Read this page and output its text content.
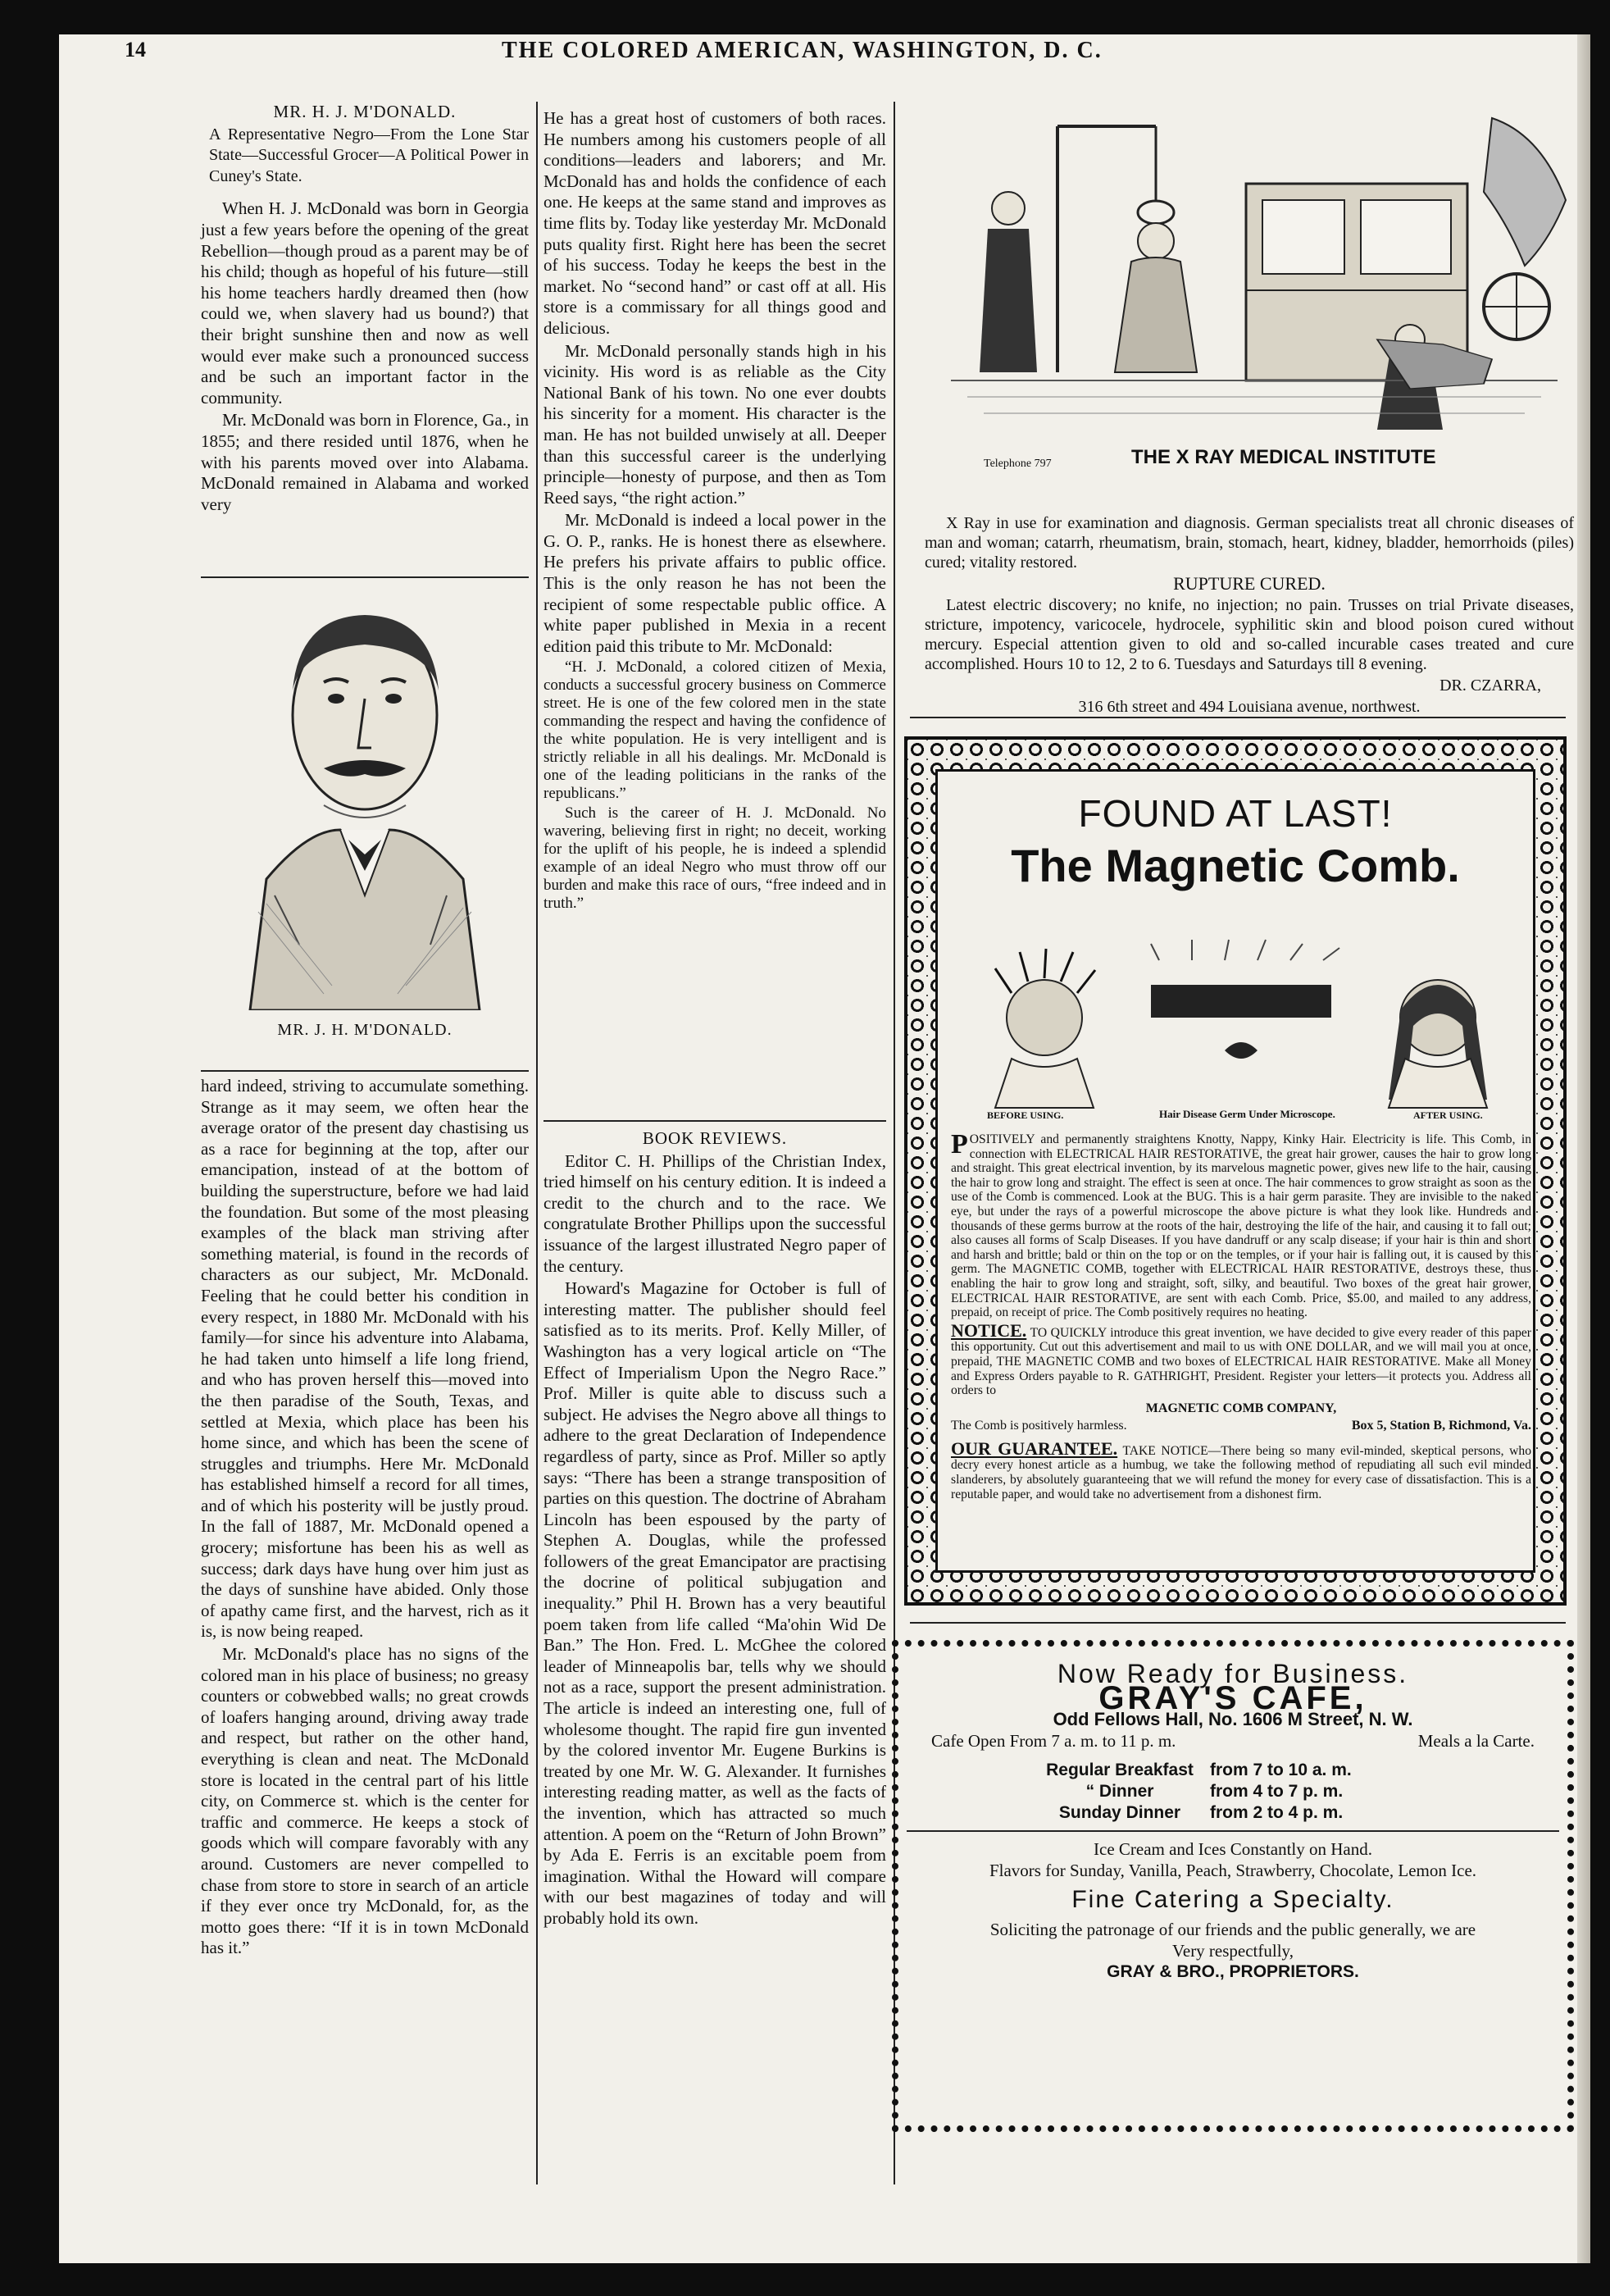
14	THE COLORED AMERICAN, WASHINGTON, D. C.

MR. H. J. M'DONALD.

A Representative Negro—From the Lone Star State—Successful Grocer—A Political Power in Cuney's State.

When H. J. McDonald was born in Georgia just a few years before the opening of the great Rebellion—though proud as a parent may be of his child; though as hopeful of his future—still his home teachers hardly dreamed then (how could we, when slavery had us bound?) that their bright sunshine then and now as well would ever make such a pronounced success and be such an important factor in the community.

Mr. McDonald was born in Florence, Ga., in 1855; and there resided until 1876, when he with his parents moved over into Alabama. McDonald remained in Alabama and worked very

MR. J. H. M'DONALD.

hard indeed, striving to accumulate something. Strange as it may seem, we often hear the average orator of the present day chastising us as a race for beginning at the top, after our emancipation, instead of at the bottom of building the superstructure, before we had laid the foundation. But some of the most pleasing examples of the black man striving after something material, is found in the records of characters as our subject, Mr. McDonald. Feeling that he could better his condition in every respect, in 1880 Mr. McDonald with his family—for since his adventure into Alabama, he had taken unto himself a life long friend, and who has proven herself this—moved into the then paradise of the South, Texas, and settled at Mexia, which place has been his home since, and which has been the scene of struggles and triumphs. Here Mr. McDonald has established himself a record for all times, and of which his posterity will be justly proud. In the fall of 1887, Mr. McDonald opened a grocery; misfortune has been his as well as success; dark days have hung over him just as the days of sunshine have abided. Only those of apathy came first, and the harvest, rich as it is, is now being reaped.

Mr. McDonald's place has no signs of the colored man in his place of business; no greasy counters or cobwebbed walls; no great crowds of loafers hanging around, driving away trade and respect, but rather on the other hand, everything is clean and neat. The McDonald store is located in the central part of his little city, on Commerce st. which is the center for traffic and commerce. He keeps a stock of goods which will compare favorably with any around. Customers are never compelled to chase from store to store in search of an article if they ever once try McDonald, for, as the motto goes there: “If it is in town McDonald has it.”

He has a great host of customers of both races. He numbers among his customers people of all conditions—leaders and laborers; and Mr. McDonald has and holds the confidence of each one. He keeps at the same stand and improves as time flits by. Today like yesterday Mr. McDonald puts quality first. Right here has been the secret of his success. Today he keeps the best in the market. No “second hand” or cast off at all. His store is a commissary for all things good and delicious.

Mr. McDonald personally stands high in his vicinity. His word is as reliable as the City National Bank of his town. No one ever doubts his sincerity for a moment. His character is the man. He has not builded unwisely at all. Deeper than this successful career is the underlying principle—honesty of purpose, and then as Tom Reed says, “the right action.”

Mr. McDonald is indeed a local power in the G. O. P., ranks. He is honest there as elsewhere. He prefers his private affairs to public office. This is the only reason he has not been the recipient of some respectable public office. A white paper published in Mexia in a recent edition paid this tribute to Mr. McDonald:

“H. J. McDonald, a colored citizen of Mexia, conducts a successful grocery business on Commerce street. He is one of the few colored men in the state commanding the respect and having the confidence of the white population. He is very intelligent and is strictly reliable in all his dealings. Mr. McDonald is one of the leading politicians in the ranks of the republicans.”

Such is the career of H. J. McDonald. No wavering, believing first in right; no deceit, working for the uplift of his people, he is indeed a splendid example of an ideal Negro who must throw off our burden and make this race of ours, “free indeed and in truth.”

BOOK REVIEWS.

Editor C. H. Phillips of the Christian Index, tried himself on his century edition. It is indeed a credit to the church and to the race. We congratulate Brother Phillips upon the successful issuance of the largest illustrated Negro paper of the century.

Howard's Magazine for October is full of interesting matter. The publisher should feel satisfied as to its merits. Prof. Kelly Miller, of Washington has a very logical article on “The Effect of Imperialism Upon the Negro Race.” Prof. Miller is quite able to discuss such a subject. He advises the Negro above all things to adhere to the great Declaration of Independence regardless of party, since as Prof. Miller so aptly says: “There has been a strange transposition of parties on this question. The doctrine of Abraham Lincoln has been espoused by the party of Stephen A. Douglas, while the professed followers of the great Emancipator are practising the docrine of political subjugation and inequality.” Phil H. Brown has a very beautiful poem taken from life called “Ma'ohin Wid De Ban.” The Hon. Fred. L. McGhee the colored leader of Minneapolis bar, tells why we should not as a race, support the present administration. The article is indeed an interesting one, full of wholesome thought. The rapid fire gun invented by the colored inventor Mr. Eugene Burkins is treated by one Mr. W. G. Alexander. It furnishes interesting reading matter, as well as the facts of the invention, which has attracted so much attention. A poem on the “Return of John Brown” by Ada E. Ferris is an excitable poem from imagination. Withal the Howard will compare with our best magazines of today and will probably hold its own.

Telephone 797	THE X RAY MEDICAL INSTITUTE

X Ray in use for examination and diagnosis. German specialists treat all chronic diseases of man and woman; catarrh, rheumatism, brain, stomach, heart, kidney, bladder, hemorrhoids (piles) cured; vitality restored.

RUPTURE CURED.

Latest electric discovery; no knife, no injection; no pain. Trusses on trial Private diseases, stricture, impotency, varicocele, hydrocele, syphilitic skin and blood poison cured without mercury. Especial attention given to old and so-called incurable cases treated and cure accomplished. Hours 10 to 12, 2 to 6. Tuesdays and Saturdays till 8 evening.

DR. CZARRA,

316 6th street and 494 Louisiana avenue, northwest.

FOUND AT LAST!
The Magnetic Comb.
BEFORE USING.	Hair Disease Germ Under Microscope.	AFTER USING.

POSITIVELY and permanently straightens Knotty, Nappy, Kinky Hair. Electricity is life. This Comb, in connection with ELECTRICAL HAIR RESTORATIVE, the great hair grower, causes the hair to grow long and straight. This great electrical invention, by its marvelous magnetic power, gives new life to the hair, causing the hair to grow long and straight. The effect is seen at once. The hair commences to grow straight as soon as the use of the Comb is commenced. Look at the BUG. This is a hair germ parasite. They are invisible to the naked eye, but under the rays of a powerful microscope the above picture is what they look like. Hundreds and thousands of these germs burrow at the roots of the hair, destroying the life of the hair, and causing it to fall out; also causes all forms of Scalp Diseases. If you have dandruff or any scalp disease; if your hair is thin and short and harsh and brittle; bald or thin on the top or on the temples, or if your hair is falling out, it is caused by this germ. The MAGNETIC COMB, together with ELECTRICAL HAIR RESTORATIVE, destroys these, thus enabling the hair to grow long and straight, soft, silky, and beautiful. Two boxes of the great hair grower, ELECTRICAL HAIR RESTORATIVE, are sent with each Comb. Price, $5.00, and mailed to any address, prepaid, on receipt of price. The Comb positively requires no heating.

NOTICE. TO QUICKLY introduce this great invention, we have decided to give every reader of this paper this opportunity. Cut out this advertisement and mail to us with ONE DOLLAR, and we will mail you at once, prepaid, THE MAGNETIC COMB and two boxes of ELECTRICAL HAIR RESTORATIVE. Make all Money and Express Orders payable to R. GATHRIGHT, President. Register your letters—it protects you. Address all orders to

MAGNETIC COMB COMPANY,

The Comb is positively harmless.	Box 5, Station B, Richmond, Va.

OUR GUARANTEE. TAKE NOTICE—There being so many evil-minded, skeptical persons, who decry every honest article as a humbug, we take the following method of repudiating all such evil minded slanderers, by absolutely guaranteeing that we will refund the money for every case of dissatisfaction. This is a reputable paper, and would take no advertisement from a dishonest firm.

Now Ready for Business.
GRAY'S CAFE,
Odd Fellows Hall, No. 1606 M Street, N. W.
Cafe Open From 7 a. m. to 11 p. m.	Meals a la Carte.
Regular Breakfast from 7 to 10 a. m.
“ Dinner	from 4 to 7 p. m.
Sunday Dinner	from 2 to 4 p. m.
Ice Cream and Ices Constantly on Hand.
Flavors for Sunday, Vanilla, Peach, Strawberry, Chocolate, Lemon Ice.
Fine Catering a Specialty.
Soliciting the patronage of our friends and the public generally, we are
Very respectfully,
GRAY & BRO., PROPRIETORS.
